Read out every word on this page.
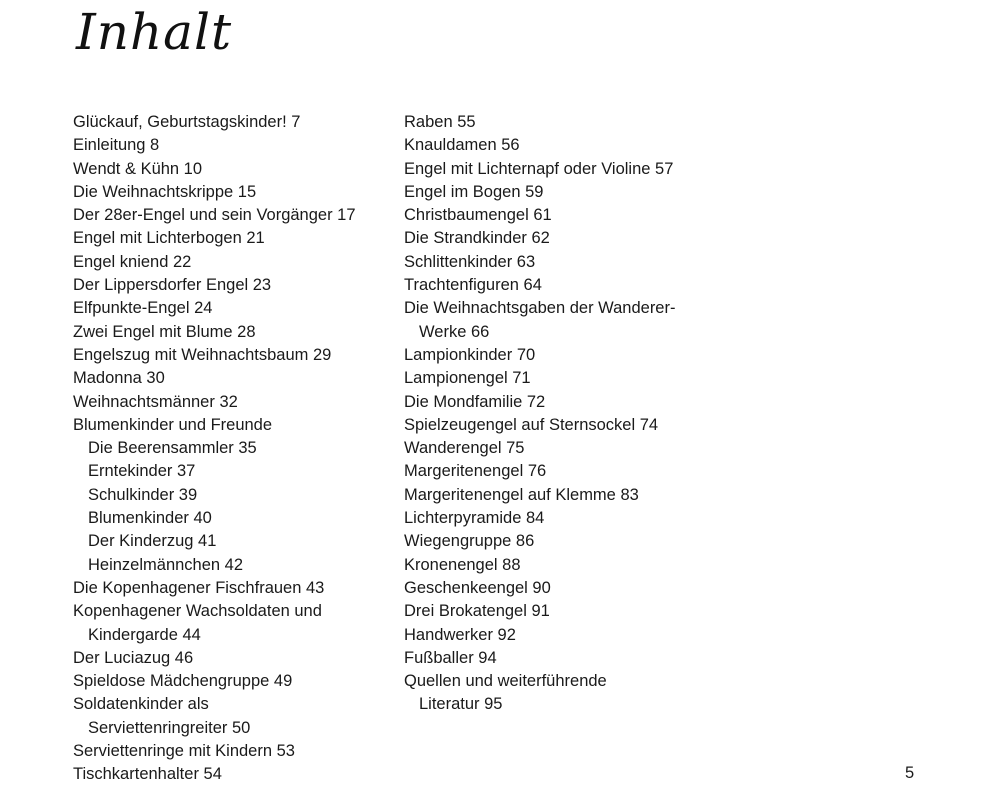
Inhalt
Glückauf, Geburtstagskinder! 7
Einleitung 8
Wendt & Kühn 10
Die Weihnachtskrippe 15
Der 28er-Engel und sein Vorgänger 17
Engel mit Lichterbogen 21
Engel kniend 22
Der Lippersdorfer Engel 23
Elfpunkte-Engel 24
Zwei Engel mit Blume 28
Engelszug mit Weihnachtsbaum 29
Madonna 30
Weihnachtsmänner 32
Blumenkinder und Freunde
Die Beerensammler 35
Erntekinder 37
Schulkinder 39
Blumenkinder 40
Der Kinderzug 41
Heinzelmännchen 42
Die Kopenhagener Fischfrauen 43
Kopenhagener Wachsoldaten und
Kindergarde 44
Der Luciazug 46
Spieldose Mädchengruppe 49
Soldatenkinder als
Serviettenringreiter 50
Serviettenringe mit Kindern 53
Tischkartenhalter 54
Raben 55
Knauldamen 56
Engel mit Lichternapf oder Violine 57
Engel im Bogen 59
Christbaumengel 61
Die Strandkinder 62
Schlittenkinder 63
Trachtenfiguren 64
Die Weihnachtsgaben der Wanderer-
Werke 66
Lampionkinder 70
Lampionengel 71
Die Mondfamilie 72
Spielzeugengel auf Sternsockel 74
Wanderengel 75
Margeritenengel 76
Margeritenengel auf Klemme 83
Lichterpyramide 84
Wiegengruppe 86
Kronenengel 88
Geschenkeengel 90
Drei Brokatengel 91
Handwerker 92
Fußballer 94
Quellen und weiterführende
Literatur 95
5
